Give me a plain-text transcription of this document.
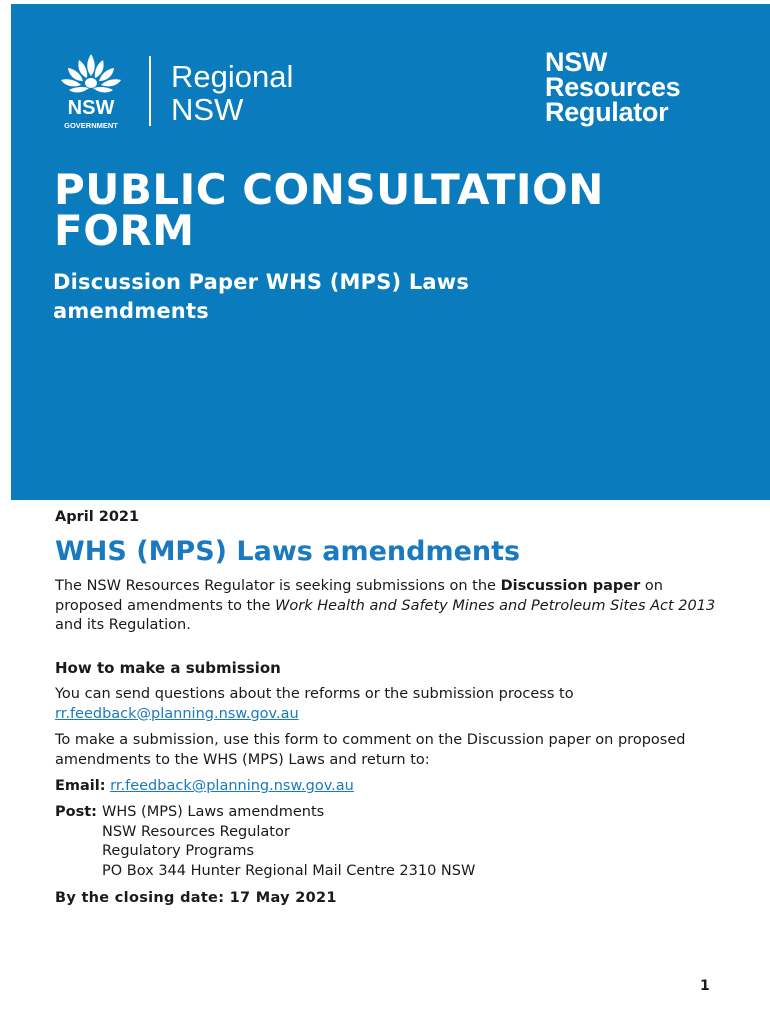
NSW
GOVERNMENT
Regional
NSW
NSW
Resources
Regulator
PUBLIC CONSULTATION
FORM
Discussion Paper WHS (MPS) Laws
amendments
April 2021
WHS (MPS) Laws amendments
The NSW Resources Regulator is seeking submissions on the Discussion paper on proposed amendments to the Work Health and Safety Mines and Petroleum Sites Act 2013 and its Regulation.
How to make a submission
You can send questions about the reforms or the submission process to
rr.feedback@planning.nsw.gov.au
To make a submission, use this form to comment on the Discussion paper on proposed amendments to the WHS (MPS) Laws and return to:
Email: rr.feedback@planning.nsw.gov.au
Post: WHS (MPS) Laws amendments
NSW Resources Regulator
Regulatory Programs
PO Box 344 Hunter Regional Mail Centre 2310 NSW
By the closing date: 17 May 2021
1
